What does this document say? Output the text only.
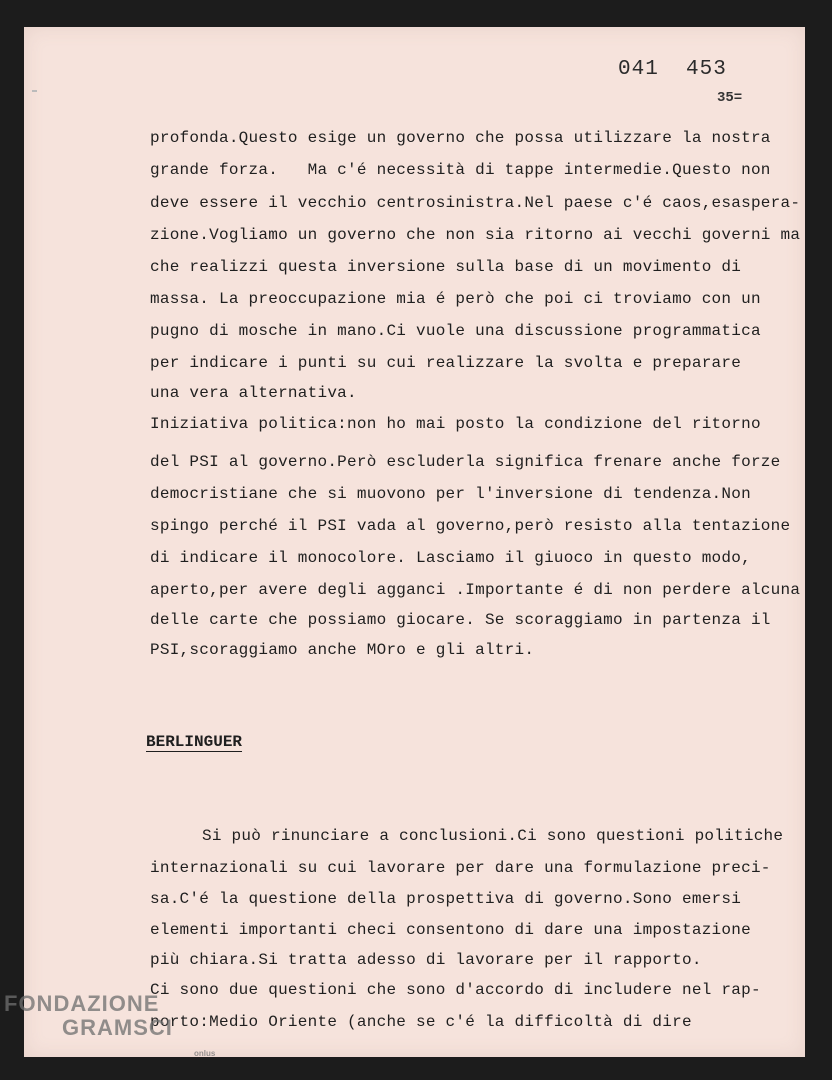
041  453
35=
profonda.Questo esige un governo che possa utilizzare la nostra
grande forza.   Ma c'é necessità di tappe intermedie.Questo non
deve essere il vecchio centrosinistra.Nel paese c'é caos,esaspera-
zione.Vogliamo un governo che non sia ritorno ai vecchi governi ma
che realizzi questa inversione sulla base di un movimento di
massa. La preoccupazione mia é però che poi ci troviamo con un
pugno di mosche in mano.Ci vuole una discussione programmatica
per indicare i punti su cui realizzare la svolta e preparare
una vera alternativa.
Iniziativa politica:non ho mai posto la condizione del ritorno
del PSI al governo.Però escluderla significa frenare anche forze
democristiane che si muovono per l'inversione di tendenza.Non
spingo perché il PSI vada al governo,però resisto alla tentazione
di indicare il monocolore. Lasciamo il giuoco in questo modo,
aperto,per avere degli agganci .Importante é di non perdere alcuna
delle carte che possiamo giocare. Se scoraggiamo in partenza il
PSI,scoraggiamo anche MOro e gli altri.
BERLINGUER
Si può rinunciare a conclusioni.Ci sono questioni politiche
internazionali su cui lavorare per dare una formulazione preci-
sa.C'é la questione della prospettiva di governo.Sono emersi
elementi importanti checi consentono di dare una impostazione
più chiara.Si tratta adesso di lavorare per il rapporto.
Ci sono due questioni che sono d'accordo di includere nel rap-
porto:Medio Oriente (anche se c'é la difficoltà di dire
FONDAZIONE
GRAMSCI
onlus
